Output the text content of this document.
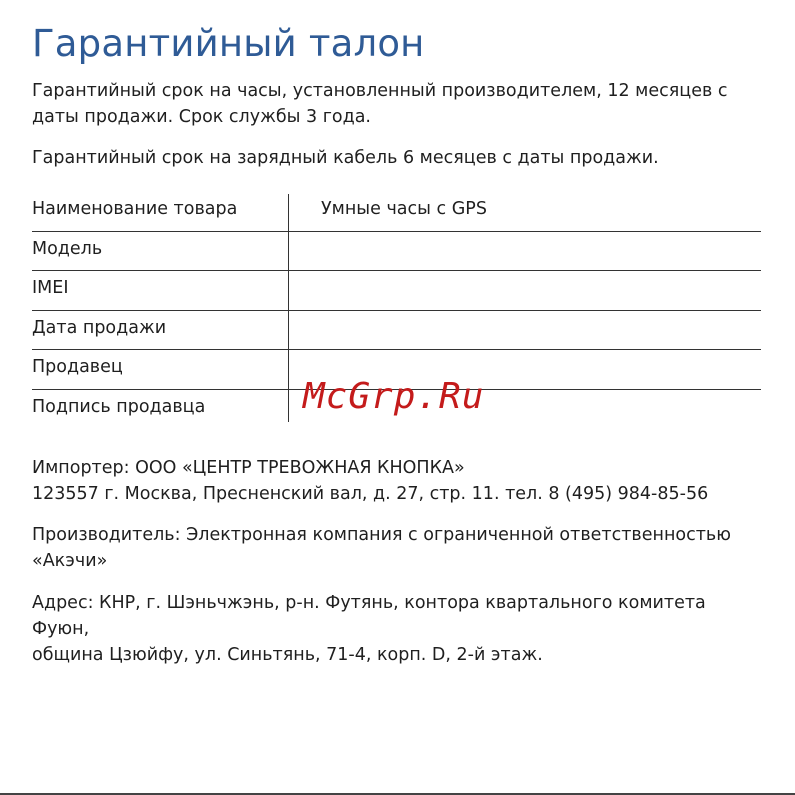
Гарантийный талон

Гарантийный срок на часы, установленный производителем, 12 месяцев с даты продажи. Срок службы 3 года.

Гарантийный срок на зарядный кабель 6 месяцев с даты продажи.

Наименование товара	Умные часы с GPS
Модель
IMEI
Дата продажи
Продавец
Подпись продавца
Импортер: ООО «ЦЕНТР ТРЕВОЖНАЯ КНОПКА»
123557 г. Москва, Пресненский вал, д. 27, стр. 11. тел. 8 (495) 984-85-56
Производитель: Электронная компания с ограниченной ответственностью
«Акэчи»
Адрес: КНР, г. Шэньчжэнь, р-н. Футянь, контора квартального комитета Фуюн,
община Цзюйфу, ул. Синьтянь, 71-4, корп. D, 2-й этаж.
McGrp.Ru
